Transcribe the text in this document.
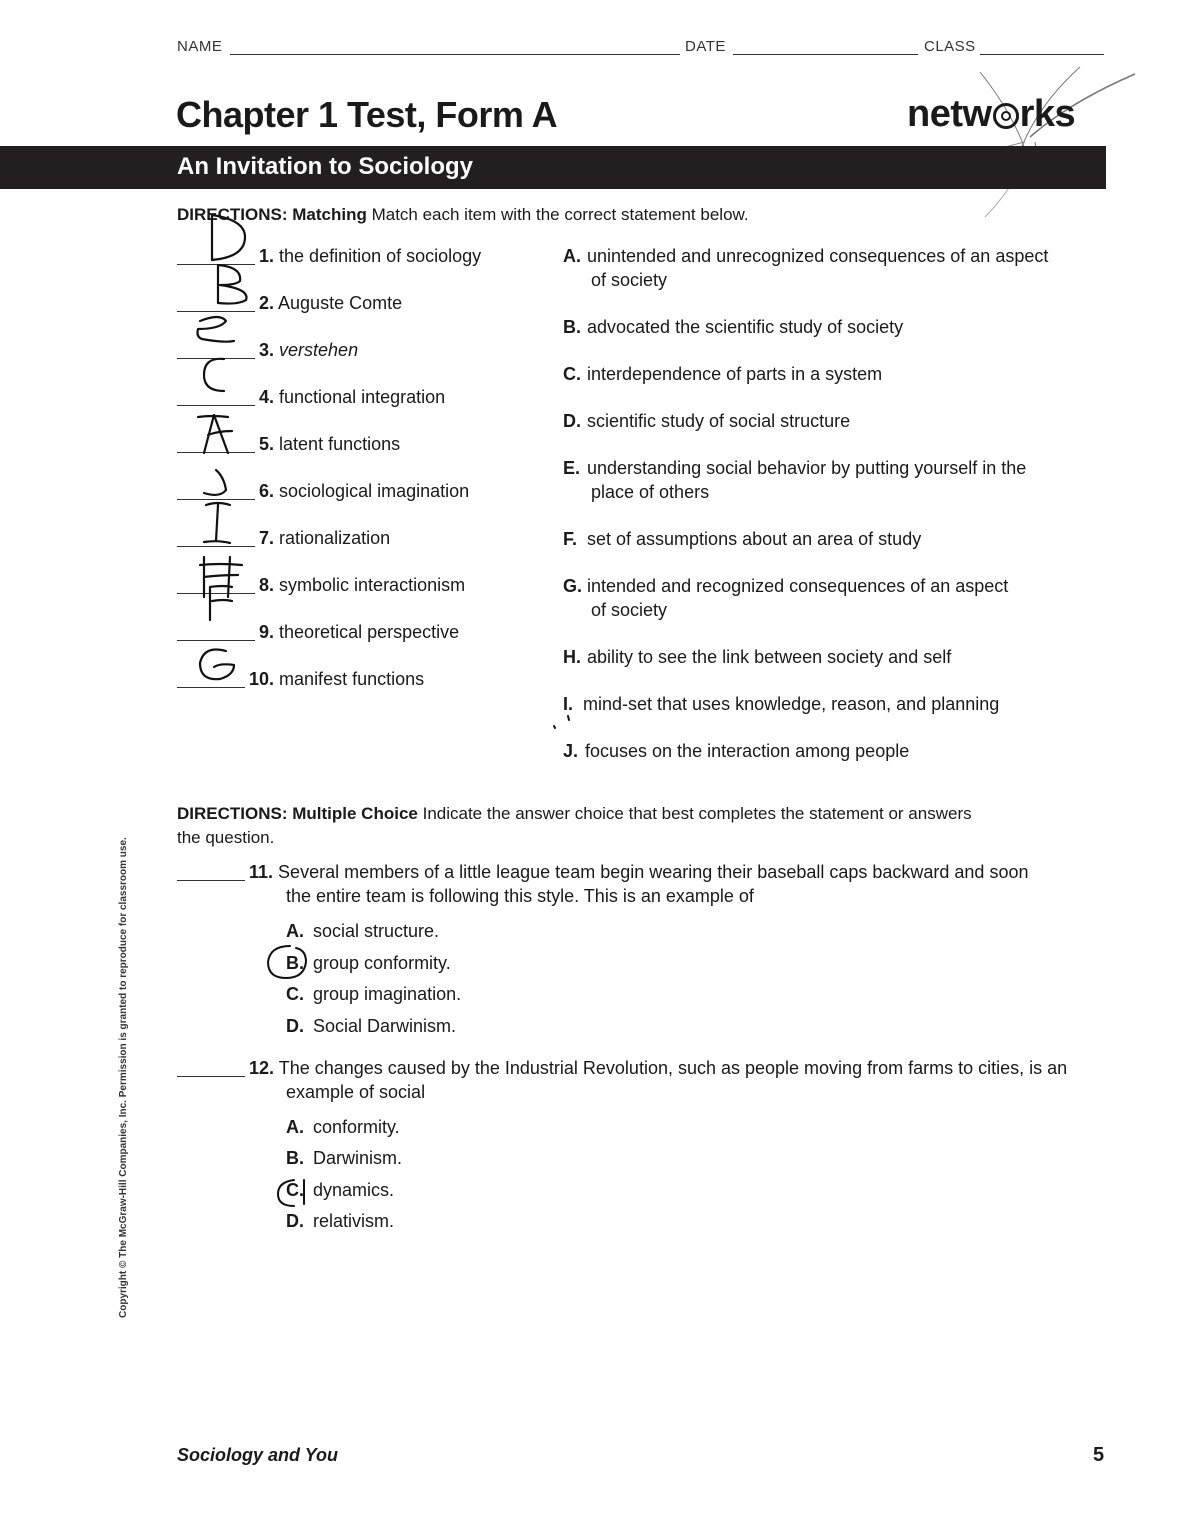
NAME	DATE	CLASS
Chapter 1 Test, Form A	netw rks
An Invitation to Sociology
DIRECTIONS: Matching Match each item with the correct statement below.
1. the definition of sociology
2. Auguste Comte
3. verstehen
4. functional integration
5. latent functions
6. sociological imagination
7. rationalization
8. symbolic interactionism
9. theoretical perspective
10. manifest functions
A. unintended and unrecognized consequences of an aspect
of society
B. advocated the scientific study of society
C. interdependence of parts in a system
D. scientific study of social structure
E. understanding social behavior by putting yourself in the
place of others
F. set of assumptions about an area of study
G. intended and recognized consequences of an aspect
of society
H. ability to see the link between society and self
I. mind-set that uses knowledge, reason, and planning
J. focuses on the interaction among people
DIRECTIONS: Multiple Choice Indicate the answer choice that best completes the statement or answers
the question.
11. Several members of a little league team begin wearing their baseball caps backward and soon
the entire team is following this style. This is an example of
A. social structure.
B. group conformity.
C. group imagination.
D. Social Darwinism.
12. The changes caused by the Industrial Revolution, such as people moving from farms to cities, is an
example of social
A. conformity.
B. Darwinism.
C. dynamics.
D. relativism.
Copyright © The McGraw-Hill Companies, Inc. Permission is granted to reproduce for classroom use.
Sociology and You	5
